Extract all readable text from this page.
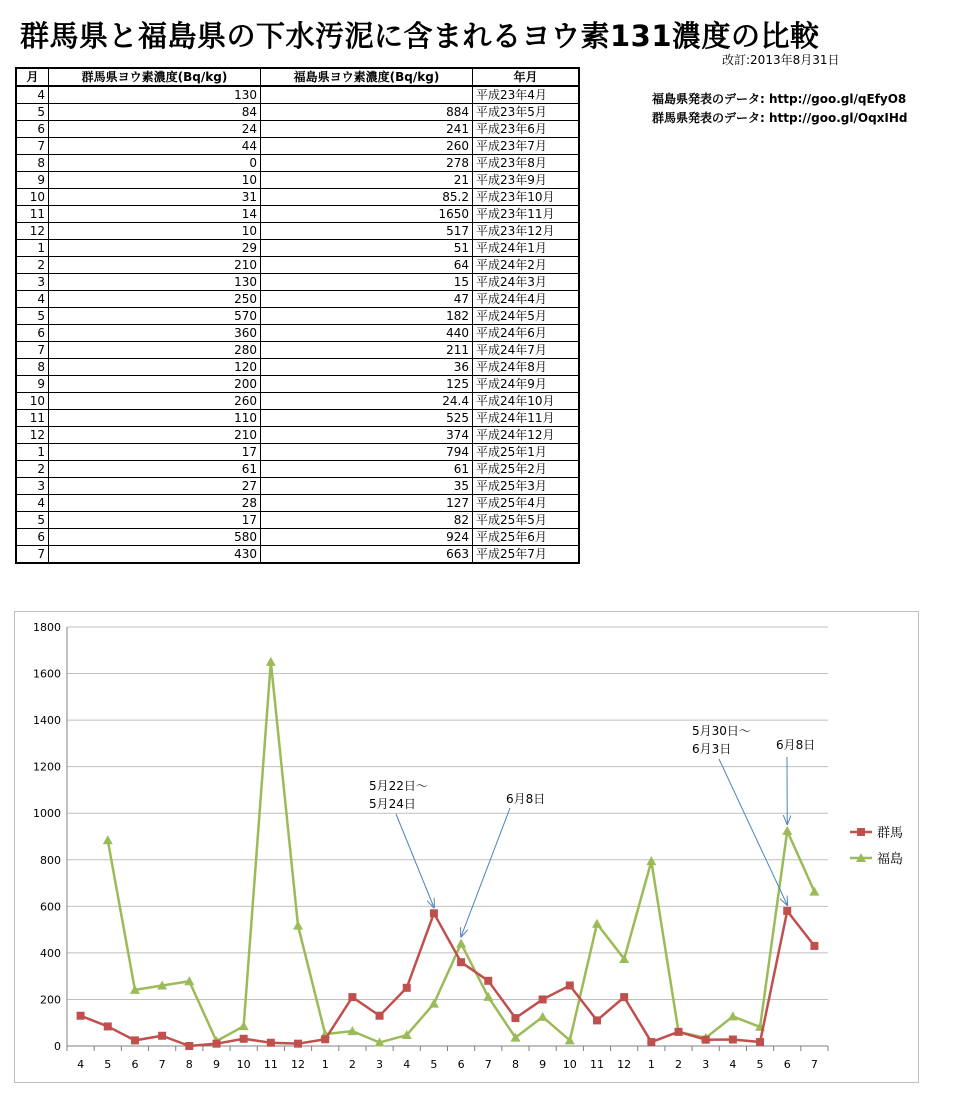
群馬県と福島県の下水汚泥に含まれるヨウ素131濃度の比較
改訂:2013年8月31日
福島県発表のデータ: http://goo.gl/qEfyO8
群馬県発表のデータ: http://goo.gl/OqxIHd
月	群馬県ヨウ素濃度(Bq/kg)	福島県ヨウ素濃度(Bq/kg)	年月
4	130		平成23年4月
5	84	884	平成23年5月
6	24	241	平成23年6月
7	44	260	平成23年7月
8	0	278	平成23年8月
9	10	21	平成23年9月
10	31	85.2	平成23年10月
11	14	1650	平成23年11月
12	10	517	平成23年12月
1	29	51	平成24年1月
2	210	64	平成24年2月
3	130	15	平成24年3月
4	250	47	平成24年4月
5	570	182	平成24年5月
6	360	440	平成24年6月
7	280	211	平成24年7月
8	120	36	平成24年8月
9	200	125	平成24年9月
10	260	24.4	平成24年10月
11	110	525	平成24年11月
12	210	374	平成24年12月
1	17	794	平成25年1月
2	61	61	平成25年2月
3	27	35	平成25年3月
4	28	127	平成25年4月
5	17	82	平成25年5月
6	580	924	平成25年6月
7	430	663	平成25年7月
0
200
400
600
800
1000
1200
1400
1600
1800
4 5 6 7 8 9 10 11 12 1 2 3 4 5 6 7 8 9 10 11 12 1 2 3 4 5 6 7
5月22日～
5月24日	6月8日
5月30日～
6月3日	6月8日
群馬
福島
